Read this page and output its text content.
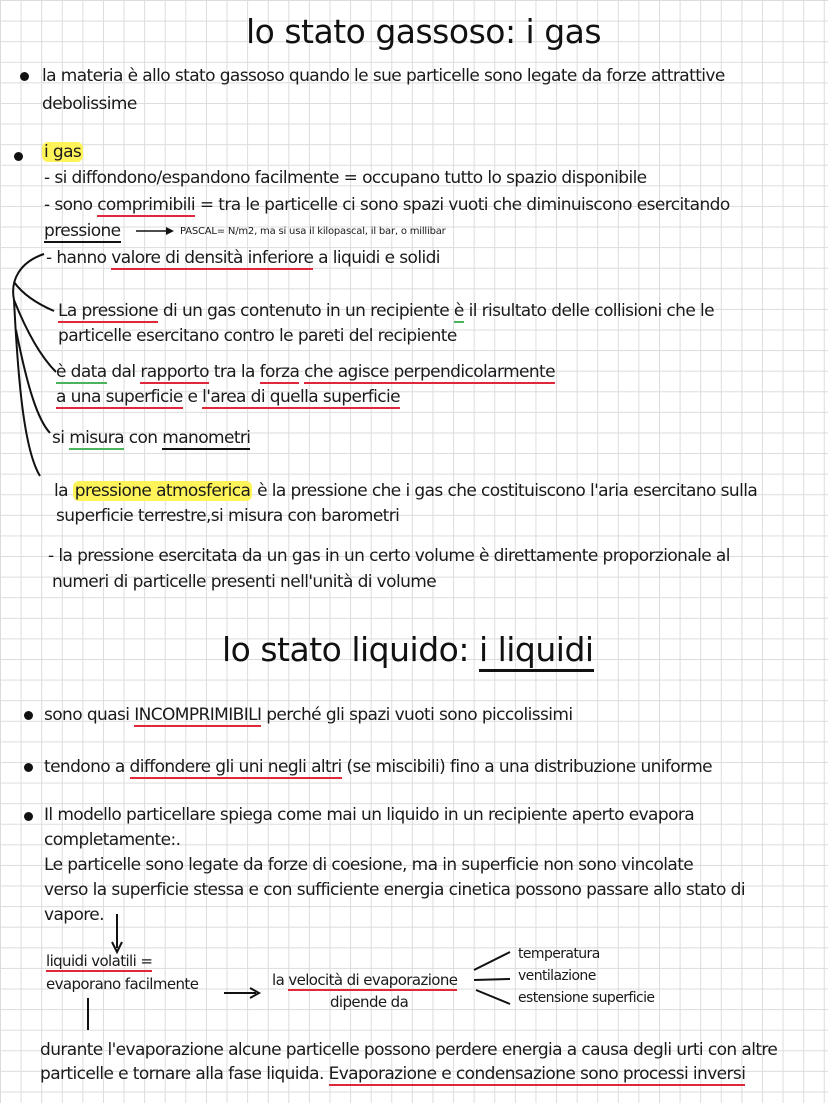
lo stato gassoso: i gas
la materia è allo stato gassoso quando le sue particelle sono legate da forze attrattive
debolissime
i gas
- si diffondono/espandono facilmente = occupano tutto lo spazio disponibile
- sono comprimibili = tra le particelle ci sono spazi vuoti che diminuiscono esercitando
pressione	PASCAL= N/m2, ma si usa il kilopascal, il bar, o millibar
- hanno valore di densità inferiore a liquidi e solidi
La pressione di un gas contenuto in un recipiente è il risultato delle collisioni che le
particelle esercitano contro le pareti del recipiente
è data dal rapporto tra la forza che agisce perpendicolarmente
a una superficie e l'area di quella superficie
si misura con manometri
la pressione atmosferica è la pressione che i gas che costituiscono l'aria esercitano sulla
superficie terrestre,si misura con barometri
- la pressione esercitata da un gas in un certo volume è direttamente proporzionale al
numeri di particelle presenti nell'unità di volume
lo stato liquido: i liquidi
sono quasi INCOMPRIMIBILI perché gli spazi vuoti sono piccolissimi
tendono a diffondere gli uni negli altri (se miscibili) fino a una distribuzione uniforme
Il modello particellare spiega come mai un liquido in un recipiente aperto evapora
completamente:.
Le particelle sono legate da forze di coesione, ma in superficie non sono vincolate
verso la superficie stessa e con sufficiente energia cinetica possono passare allo stato di
vapore.
liquidi volatili =
evaporano facilmente	la velocità di evaporazione
dipende da
temperatura
ventilazione
estensione superficie
durante l'evaporazione alcune particelle possono perdere energia a causa degli urti con altre
particelle e tornare alla fase liquida. Evaporazione e condensazione sono processi inversi
